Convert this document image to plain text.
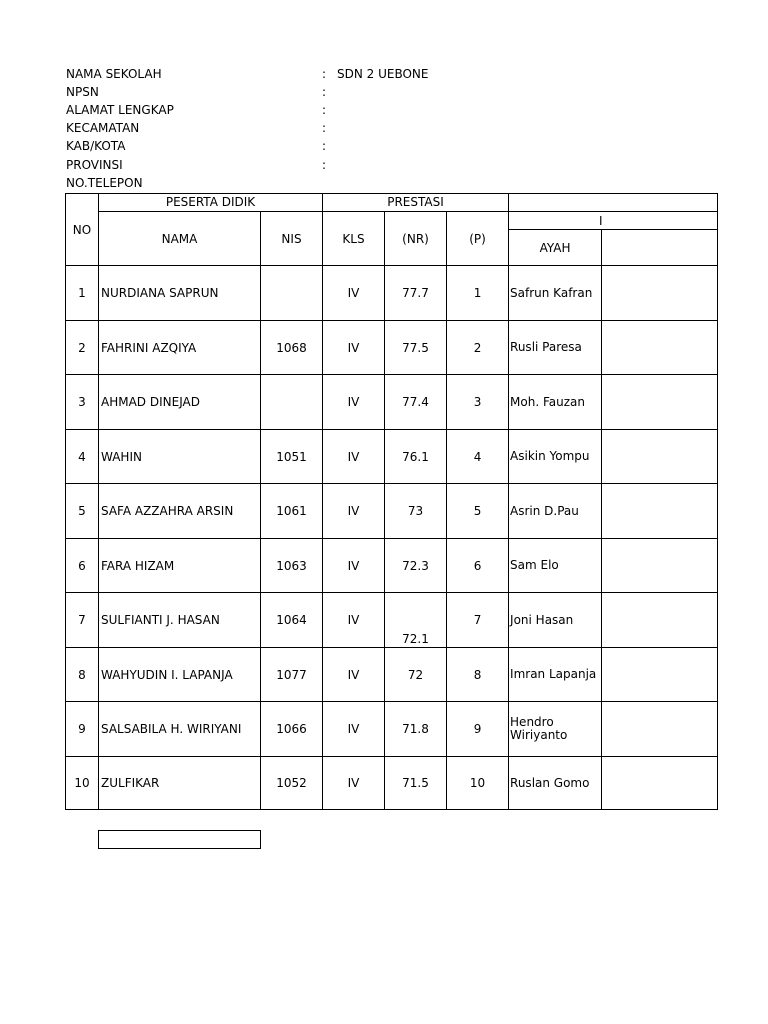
NAMA SEKOLAH	: SDN 2 UEBONE
NPSN	:
ALAMAT LENGKAP	:
KECAMATAN	:
KAB/KOTA	:
PROVINSI	:
NO.TELEPON
NO	PESERTA DIDIK		PRESTASI				
	NAMA	NIS	KLS	(NR)	(P)	I	
						AYAH	
1	NURDIANA SAPRUN		IV	77.7	1	Safrun Kafran	
2	FAHRINI AZQIYA	1068	IV	77.5	2	Rusli Paresa	
3	AHMAD DINEJAD		IV	77.4	3	Moh. Fauzan	
4	WAHIN	1051	IV	76.1	4	Asikin Yompu	
5	SAFA AZZAHRA ARSIN	1061	IV	73	5	Asrin D.Pau	
6	FARA HIZAM	1063	IV	72.3	6	Sam Elo	
7	SULFIANTI J. HASAN	1064	IV	72.1	7	Joni Hasan	
8	WAHYUDIN I. LAPANJA	1077	IV	72	8	Imran Lapanja	
9	SALSABILA H. WIRIYANI	1066	IV	71.8	9	Hendro Wiriyanto	
10	ZULFIKAR	1052	IV	71.5	10	Ruslan Gomo	
